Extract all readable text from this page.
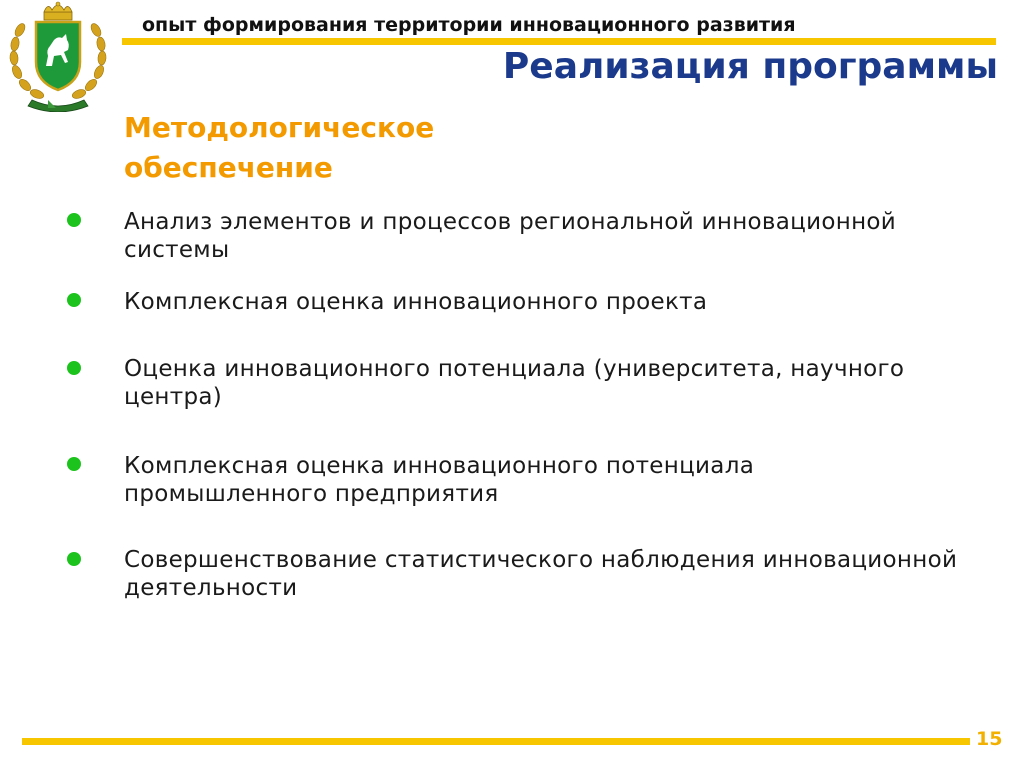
опыт формирования территории инновационного развития
Реализация программы
Методологическое обеспечение
Анализ элементов и процессов региональной инновационной системы
Комплексная оценка инновационного проекта
Оценка инновационного потенциала (университета, научного центра)
Комплексная оценка инновационного потенциала промышленного предприятия
Совершенствование статистического наблюдения инновационной деятельности
15
